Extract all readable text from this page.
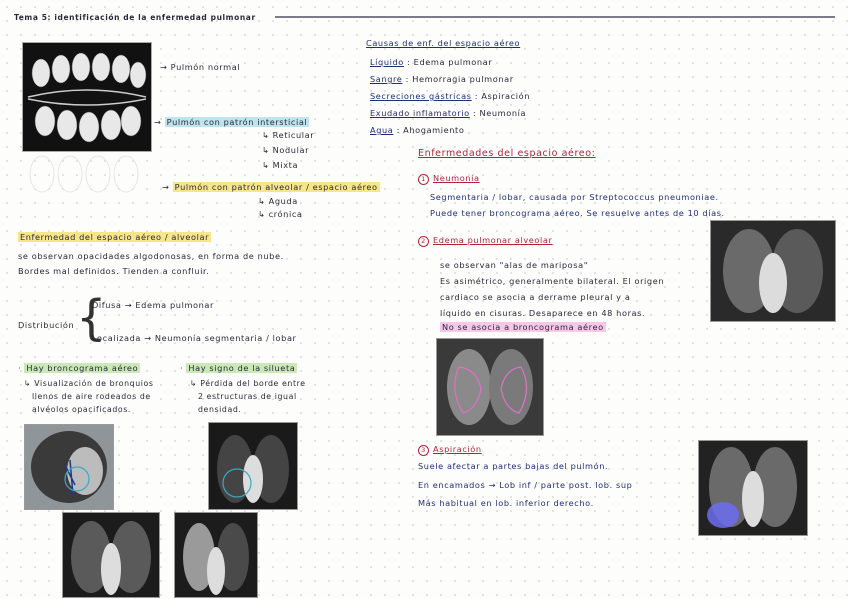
Tema 5: identificación de la enfermedad pulmonar
→ Pulmón normal
→ Pulmón con patrón intersticial
↳ Reticular
↳ Nodular
↳ Mixta
→ Pulmón con patrón alveolar / espacio aéreo
↳ Aguda
↳ crónica
Causas de enf. del espacio aéreo
Líquido : Edema pulmonar
Sangre : Hemorragia pulmonar
Secreciones gástricas : Aspiración
Exudado inflamatorio : Neumonía
Agua : Ahogamiento
Enfermedad del espacio aéreo / alveolar
se observan opacidades algodonosas, en forma de nube.
Bordes mal definidos. Tienden a confluir.
Distribución {
Difusa → Edema pulmonar
Localizada → Neumonía segmentaria / lobar
· Hay broncograma aéreo
↳ Visualización de bronquios
llenos de aire rodeados de
alvéolos opacificados.
· Hay signo de la silueta
↳ Pérdida del borde entre
2 estructuras de igual
densidad.
Enfermedades del espacio aéreo:
1 Neumonía
Segmentaria / lobar, causada por Streptococcus pneumoniae.
Puede tener broncograma aéreo. Se resuelve antes de 10 días.
2 Edema pulmonar alveolar
se observan "alas de mariposa"
Es asimétrico, generalmente bilateral. El origen
cardiaco se asocia a derrame pleural y a
líquido en cisuras. Desaparece en 48 horas.
No se asocia a broncograma aéreo
3 Aspiración
Suele afectar a partes bajas del pulmón.
En encamados → Lob inf / parte post. lob. sup
Más habitual en lob. inferior derecho.
